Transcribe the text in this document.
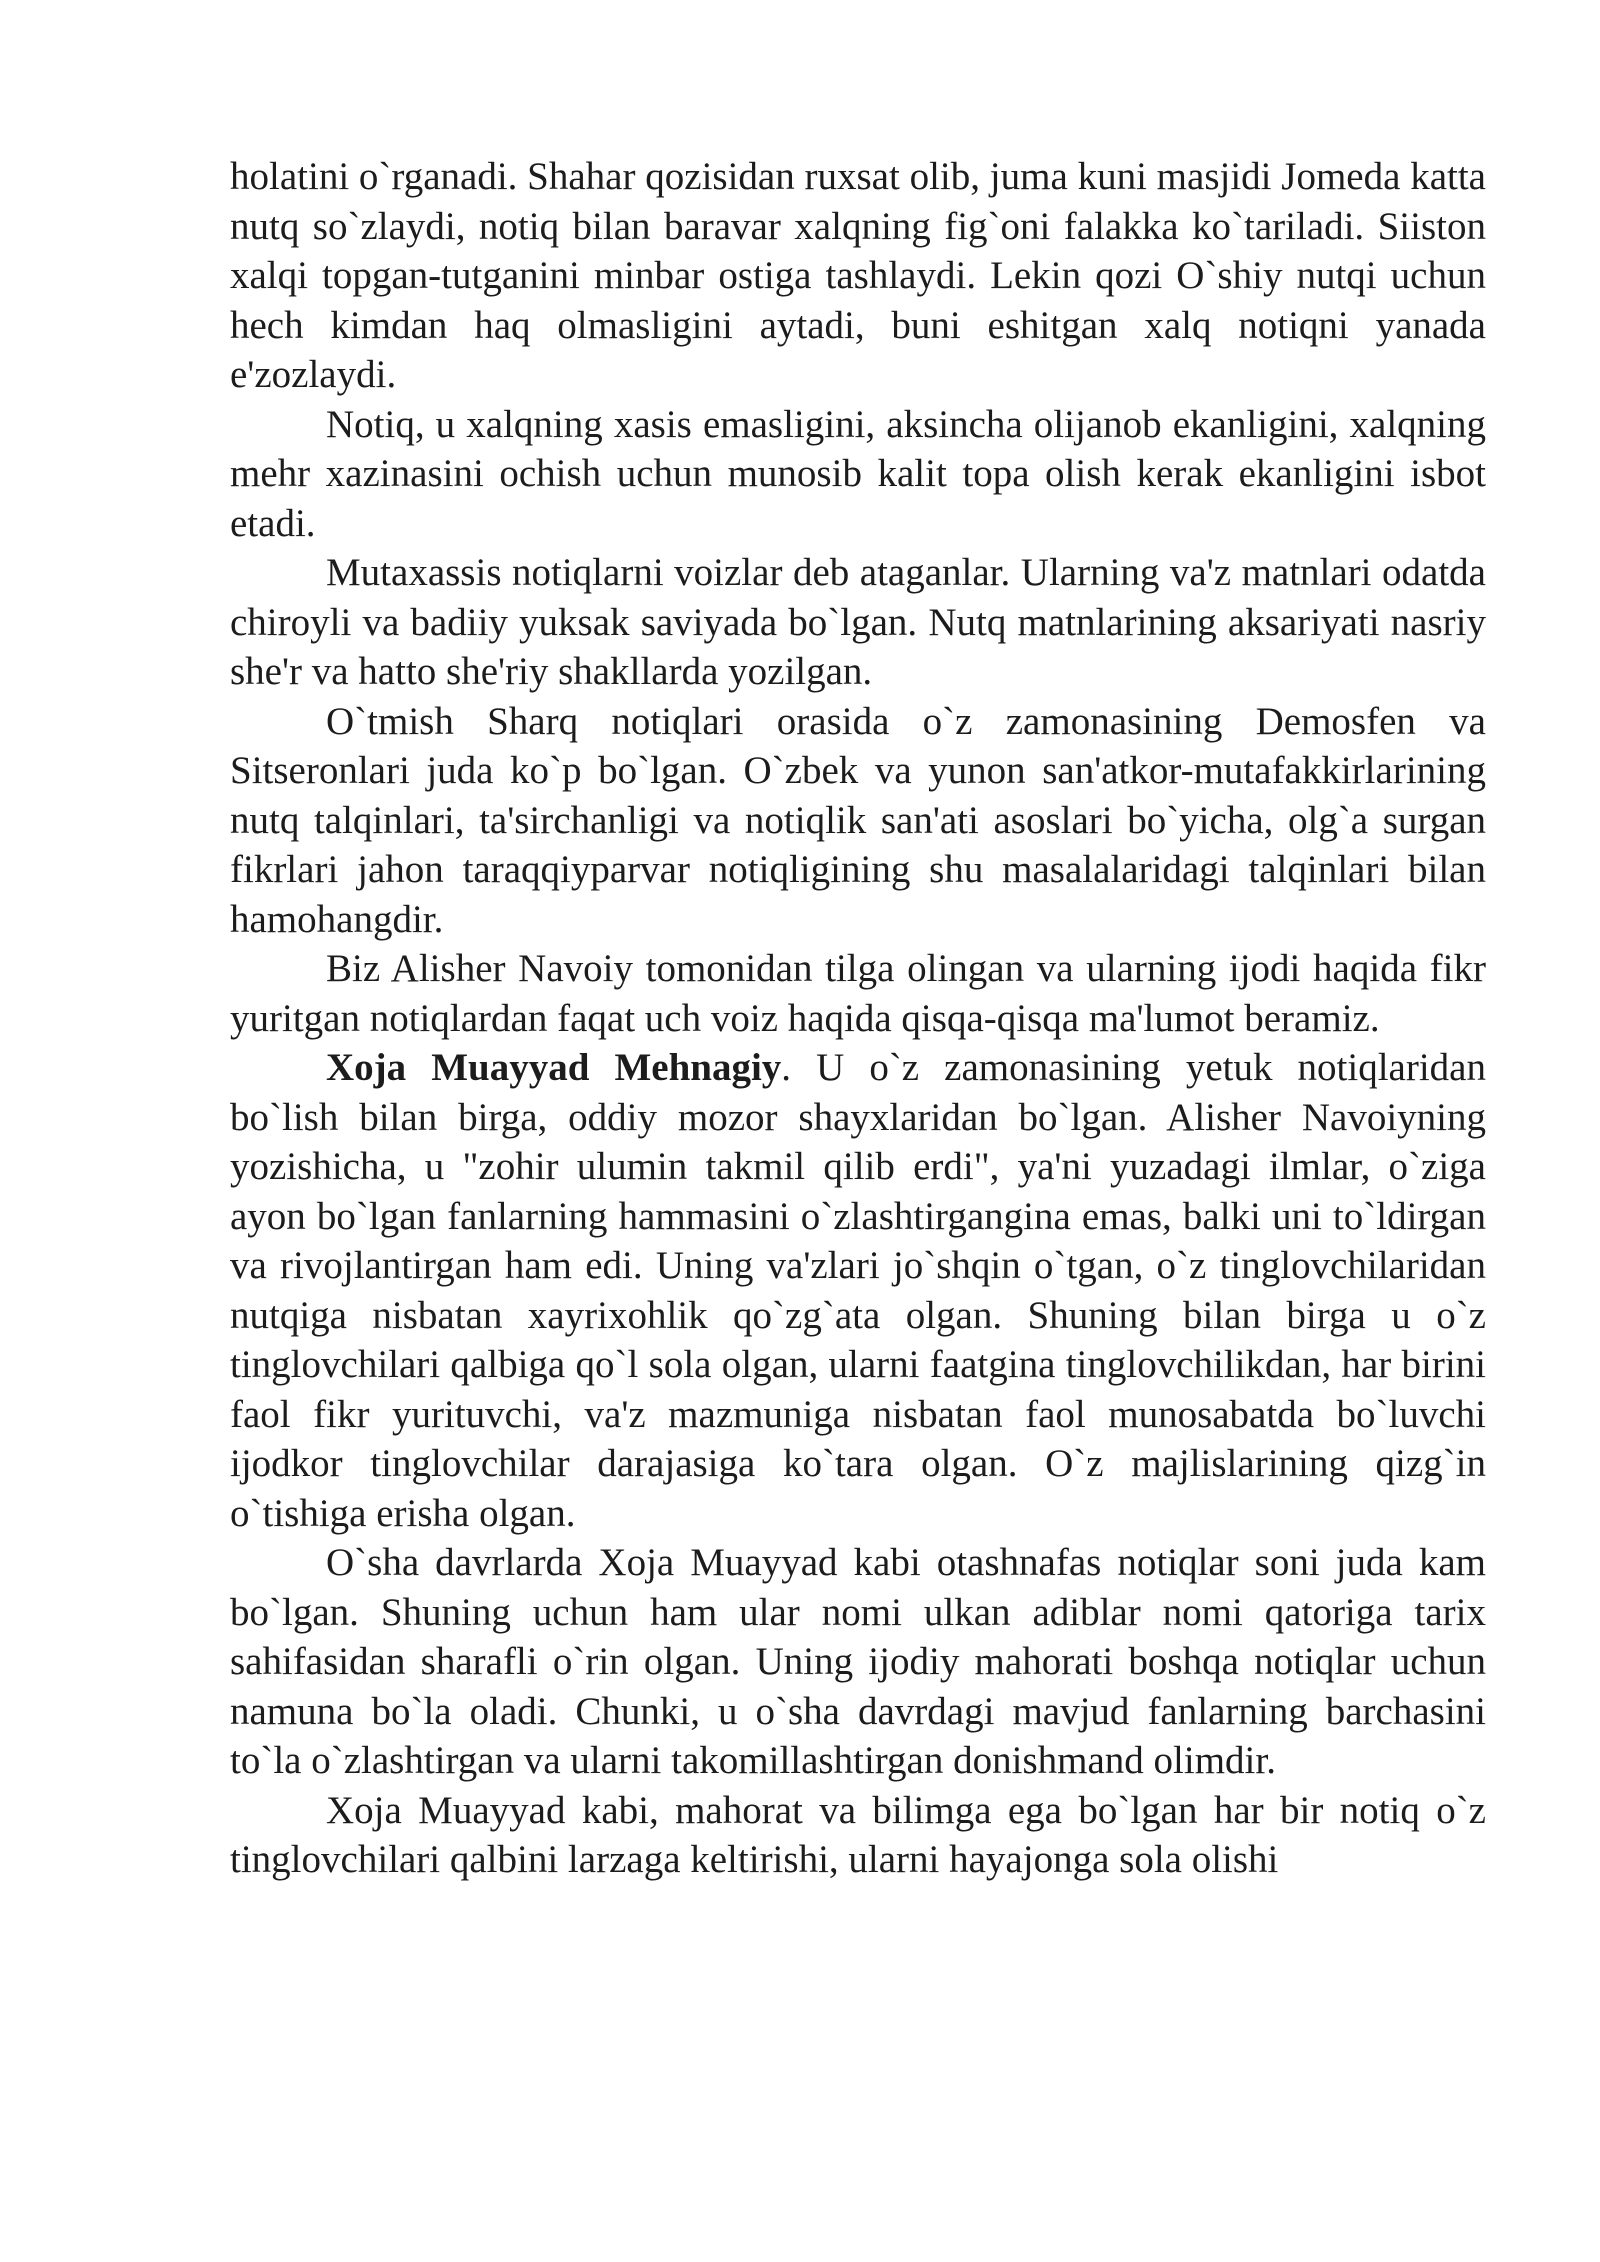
holatini o`rganadi. Shahar qozisidan ruxsat olib, juma kuni masjidi Jomeda katta nutq so`zlaydi, notiq bilan baravar xalqning fig`oni falakka ko`tariladi. Siiston xalqi topgan-tutganini minbar ostiga tashlaydi. Lekin qozi O`shiy nutqi uchun hech kimdan haq olmasligini aytadi, buni eshitgan xalq notiqni yanada e'zozlaydi.

Notiq, u xalqning xasis emasligini, aksincha olijanob ekanligini, xalqning mehr xazinasini ochish uchun munosib kalit topa olish kerak ekanligini isbot etadi.

Mutaxassis notiqlarni voizlar deb ataganlar. Ularning va'z matnlari odatda chiroyli va badiiy yuksak saviyada bo`lgan. Nutq matnlarining aksariyati nasriy she'r va hatto she'riy shakllarda yozilgan.

O`tmish Sharq notiqlari orasida o`z zamonasining Demosfen va Sitseronlari juda ko`p bo`lgan. O`zbek va yunon san'atkor-mutafakkirlarining nutq talqinlari, ta'sirchanligi va notiqlik san'ati asoslari bo`yicha, olg`a surgan fikrlari jahon taraqqiyparvar notiqligining shu masalalaridagi talqinlari bilan hamohangdir.

Biz Alisher Navoiy tomonidan tilga olingan va ularning ijodi haqida fikr yuritgan notiqlardan faqat uch voiz haqida qisqa-qisqa ma'lumot beramiz.

Xoja Muayyad Mehnagiy. U o`z zamonasining yetuk notiqlaridan bo`lish bilan birga, oddiy mozor shayxlaridan bo`lgan. Alisher Navoiyning yozishicha, u "zohir ulumin takmil qilib erdi", ya'ni yuzadagi ilmlar, o`ziga ayon bo`lgan fanlarning hammasini o`zlashtirgangina emas, balki uni to`ldirgan va rivojlantirgan ham edi. Uning va'zlari jo`shqin o`tgan, o`z tinglovchilaridan nutqiga nisbatan xayrixohlik qo`zg`ata olgan. Shuning bilan birga u o`z tinglovchilari qalbiga qo`l sola olgan, ularni faatgina tinglovchilikdan, har birini faol fikr yurituvchi, va'z mazmuniga nisbatan faol munosabatda bo`luvchi ijodkor tinglovchilar darajasiga ko`tara olgan. O`z majlislarining qizg`in o`tishiga erisha olgan.

O`sha davrlarda Xoja Muayyad kabi otashnafas notiqlar soni juda kam bo`lgan. Shuning uchun ham ular nomi ulkan adiblar nomi qatoriga tarix sahifasidan sharafli o`rin olgan. Uning ijodiy mahorati boshqa notiqlar uchun namuna bo`la oladi. Chunki, u o`sha davrdagi mavjud fanlarning barchasini to`la o`zlashtirgan va ularni takomillashtirgan donishmand olimdir.

Xoja Muayyad kabi, mahorat va bilimga ega bo`lgan har bir notiq o`z tinglovchilari qalbini larzaga keltirishi, ularni hayajonga sola olishi
